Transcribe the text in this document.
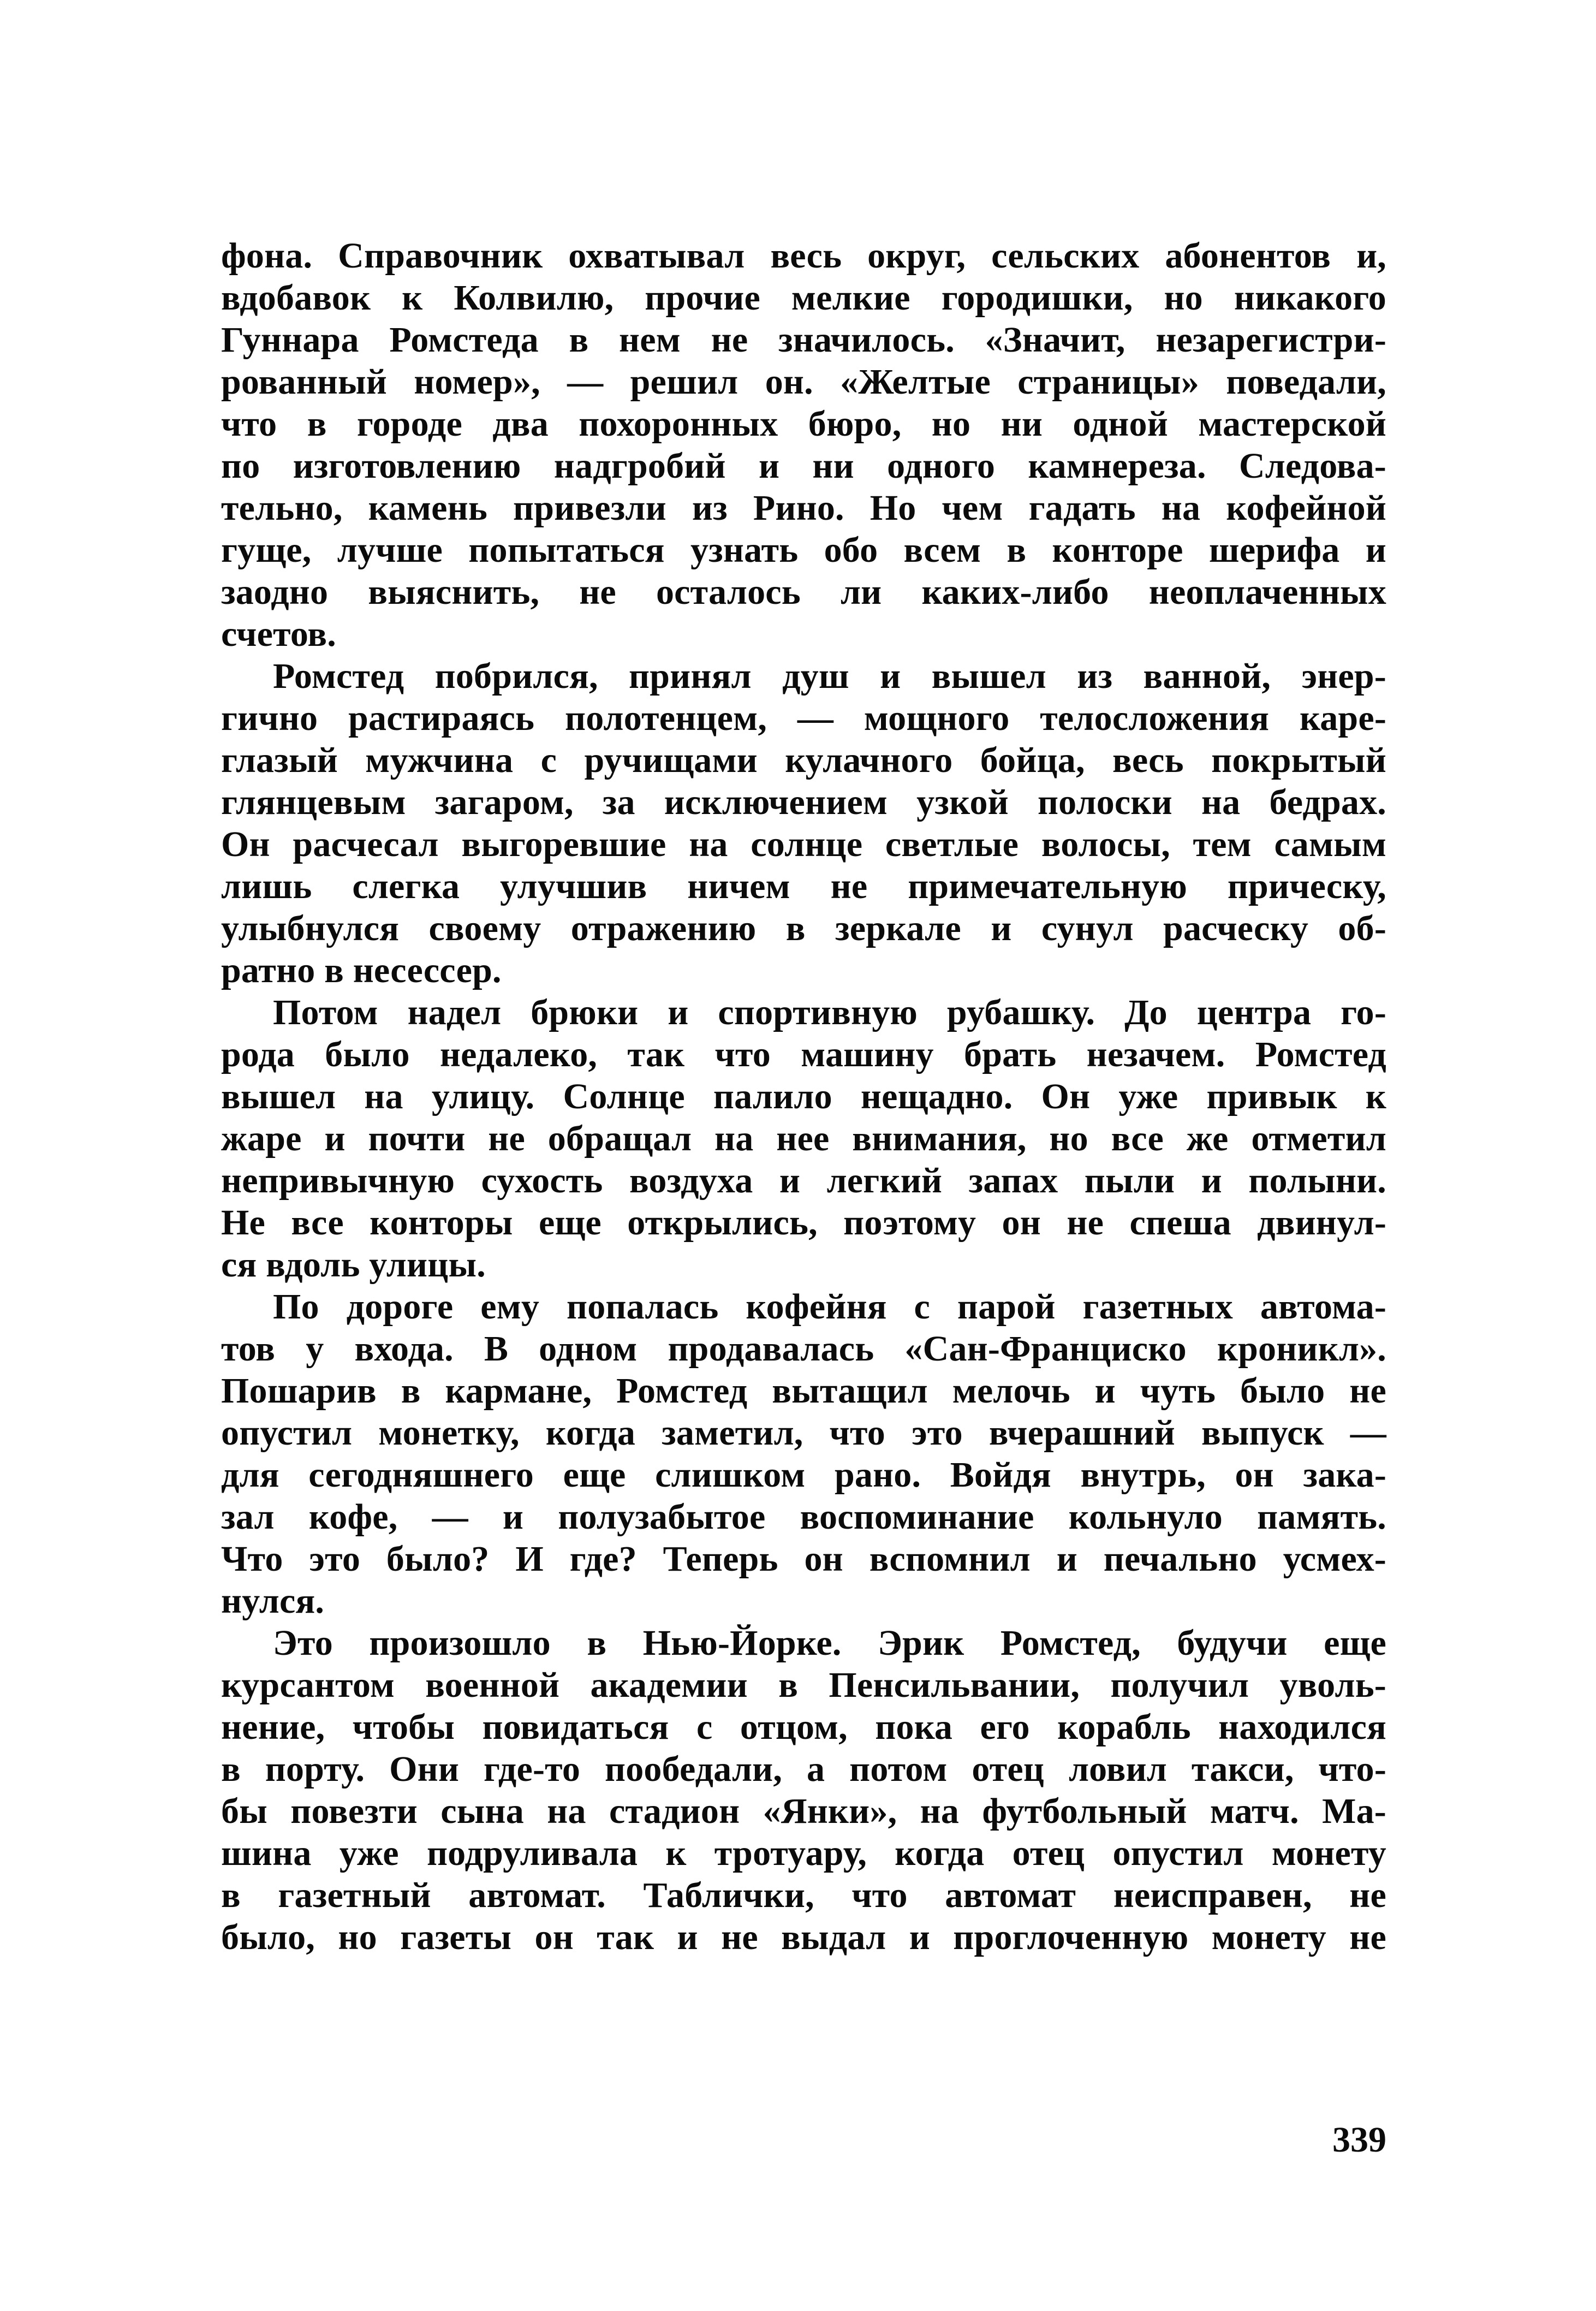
фона. Справочник охватывал весь округ, сельских абонентов и,
вдобавок к Колвилю, прочие мелкие городишки, но никакого
Гуннара Ромстеда в нем не значилось. «Значит, незарегистри-
рованный номер», — решил он. «Желтые страницы» поведали,
что в городе два похоронных бюро, но ни одной мастерской
по изготовлению надгробий и ни одного камнереза. Следова-
тельно, камень привезли из Рино. Но чем гадать на кофейной
гуще, лучше попытаться узнать обо всем в конторе шерифа и
заодно выяснить, не осталось ли каких-либо неоплаченных
счетов.
Ромстед побрился, принял душ и вышел из ванной, энер-
гично растираясь полотенцем, — мощного телосложения каре-
глазый мужчина с ручищами кулачного бойца, весь покрытый
глянцевым загаром, за исключением узкой полоски на бедрах.
Он расчесал выгоревшие на солнце светлые волосы, тем самым
лишь слегка улучшив ничем не примечательную прическу,
улыбнулся своему отражению в зеркале и сунул расческу об-
ратно в несессер.
Потом надел брюки и спортивную рубашку. До центра го-
рода было недалеко, так что машину брать незачем. Ромстед
вышел на улицу. Солнце палило нещадно. Он уже привык к
жаре и почти не обращал на нее внимания, но все же отметил
непривычную сухость воздуха и легкий запах пыли и полыни.
Не все конторы еще открылись, поэтому он не спеша двинул-
ся вдоль улицы.
По дороге ему попалась кофейня с парой газетных автома-
тов у входа. В одном продавалась «Сан-Франциско кроникл».
Пошарив в кармане, Ромстед вытащил мелочь и чуть было не
опустил монетку, когда заметил, что это вчерашний выпуск —
для сегодняшнего еще слишком рано. Войдя внутрь, он зака-
зал кофе, — и полузабытое воспоминание кольнуло память.
Что это было? И где? Теперь он вспомнил и печально усмех-
нулся.
Это произошло в Нью-Йорке. Эрик Ромстед, будучи еще
курсантом военной академии в Пенсильвании, получил уволь-
нение, чтобы повидаться с отцом, пока его корабль находился
в порту. Они где-то пообедали, а потом отец ловил такси, что-
бы повезти сына на стадион «Янки», на футбольный матч. Ма-
шина уже подруливала к тротуару, когда отец опустил монету
в газетный автомат. Таблички, что автомат неисправен, не
было, но газеты он так и не выдал и проглоченную монету не
339
